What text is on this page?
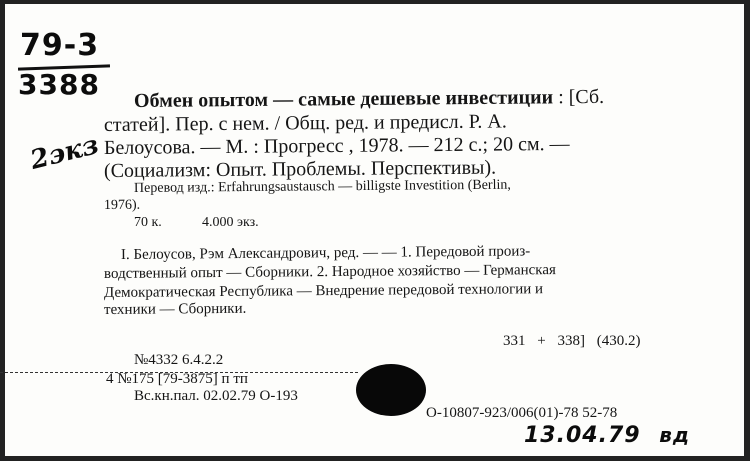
79-3
3388
2экз
Обмен опытом — самые дешевые инвестиции : [Сб.
статей]. Пер. с нем. / Общ. ред. и предисл. Р. А.
Белоусова. — М. : Прогресс , 1978. — 212 с.; 20 см. —
(Социализм: Опыт. Проблемы. Перспективы).
Перевод изд.: Erfahrungsaustausch — billigste Investition (Berlin,
1976).
70 к.	4.000 экз.
I. Белоусов, Рэм Александрович, ред. — — 1. Передовой произ-
водственный опыт — Сборники. 2. Народное хозяйство — Германская
Демократическая Республика — Внедрение передовой технологии и
техники — Сборники.
331 + 338] (430.2)
№4332 6.4.2.2
4 №175 [79-3875] п тп
Вс.кн.пал. 02.02.79 О-193
О-10807-923/006(01)-78 52-78
13.04.79 вд
